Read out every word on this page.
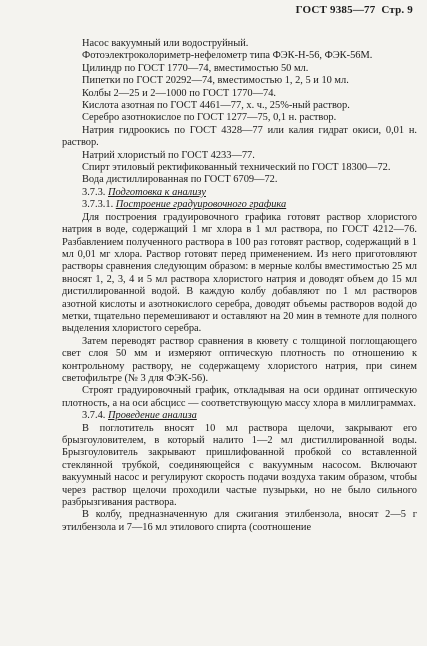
ГОСТ 9385—77 Стр. 9

Насос вакуумный или водоструйный.

Фотоэлектроколориметр-нефелометр типа ФЭК-Н-56, ФЭК-56М.

Цилиндр по ГОСТ 1770—74, вместимостью 50 мл.

Пипетки по ГОСТ 20292—74, вместимостью 1, 2, 5 и 10 мл.

Колбы 2—25 и 2—1000 по ГОСТ 1770—74.

Кислота азотная по ГОСТ 4461—77, х. ч., 25%-ный раствор.

Серебро азотнокислое по ГОСТ 1277—75, 0,1 н. раствор.

Натрия гидроокись по ГОСТ 4328—77 или калия гидрат окиси, 0,01 н. раствор.

Натрий хлористый по ГОСТ 4233—77.

Спирт этиловый ректификованный технический по ГОСТ 18300—72.

Вода дистиллированная по ГОСТ 6709—72.

3.7.3. Подготовка к анализу

3.7.3.1. Построение градуировочного графика

Для построения градуировочного графика готовят раствор хлористого натрия в воде, содержащий 1 мг хлора в 1 мл раствора, по ГОСТ 4212—76. Разбавлением полученного раствора в 100 раз готовят раствор, содержащий в 1 мл 0,01 мг хлора. Раствор готовят перед применением. Из него приготовляют растворы сравнения следующим образом: в мерные колбы вместимостью 25 мл вносят 1, 2, 3, 4 и 5 мл раствора хлористого натрия и доводят объем до 15 мл дистиллированной водой. В каждую колбу добавляют по 1 мл растворов азотной кислоты и азотнокислого серебра, доводят объемы растворов водой до метки, тщательно перемешивают и оставляют на 20 мин в темноте для полного выделения хлористого серебра.

Затем переводят раствор сравнения в кювету с толщиной поглощающего свет слоя 50 мм и измеряют оптическую плотность по отношению к контрольному раствору, не содержащему хлористого натрия, при синем светофильтре (№ 3 для ФЭК-56).

Строят градуировочный график, откладывая на оси ординат оптическую плотность, а на оси абсцисс — соответствующую массу хлора в миллиграммах.

3.7.4. Проведение анализа

В поглотитель вносят 10 мл раствора щелочи, закрывают его брызгоуловителем, в который налито 1—2 мл дистиллированной воды. Брызгоуловитель закрывают пришлифованной пробкой со вставленной стеклянной трубкой, соединяющейся с вакуумным насосом. Включают вакуумный насос и регулируют скорость подачи воздуха таким образом, чтобы через раствор щелочи проходили частые пузырьки, но не было сильного разбрызгивания раствора.

В колбу, предназначенную для сжигания этилбензола, вносят 2—5 г этилбензола и 7—16 мл этилового спирта (соотношение
